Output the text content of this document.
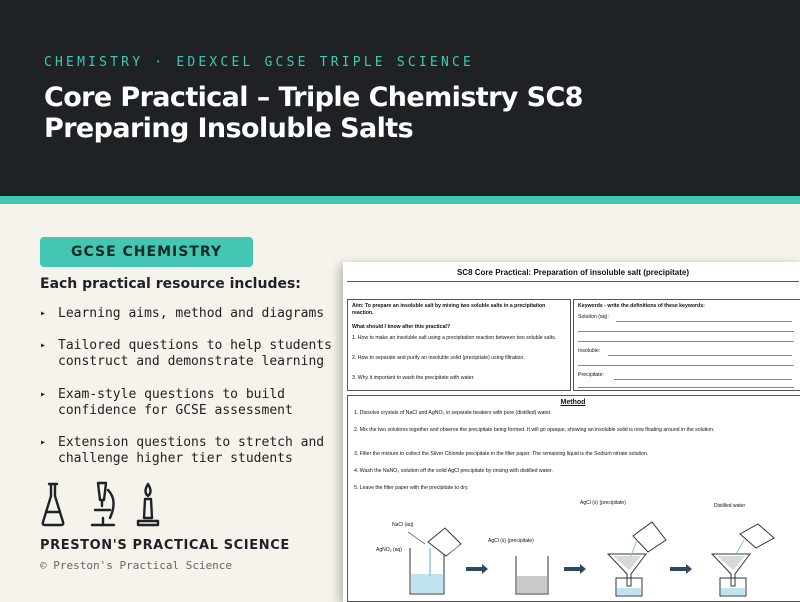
CHEMISTRY · EDEXCEL GCSE TRIPLE SCIENCE
Core Practical – Triple Chemistry SC8
Preparing Insoluble Salts
GCSE CHEMISTRY
Each practical resource includes:
▸ Learning aims, method and diagrams
▸ Tailored questions to help students construct and demonstrate learning
▸ Exam-style questions to build confidence for GCSE assessment
▸ Extension questions to stretch and challenge higher tier students
PRESTON'S PRACTICAL SCIENCE
© Preston's Practical Science
SC8 Core Practical: Preparation of insoluble salt (precipitate)
Aim: To prepare an insoluble salt by mixing two soluble salts in a precipitation reaction.
What should I know after this practical?
1. How to make an insoluble salt using a precipitation reaction between two soluble salts.
2. How to separate and purify an insoluble solid (precipitate) using filtration.
3. Why it important to wash the precipitate with water.
Keywords - write the definitions of these keywords:
Solution (aq):
Insoluble:
Precipitate:
Method
1. Dissolve crystals of NaCl and AgNO₃ in separate beakers with pure (distilled) water.
2. Mix the two solutions together and observe the precipitate being formed. It will go opaque, showing an insoluble solid is now floating around in the solution.
3. Filter the mixture to collect the Silver Chloride precipitate in the filter paper. The remaining liquid is the Sodium nitrate solution.
4. Wash the NaNO₃ solution off the solid AgCl precipitate by rinsing with distilled water.
5. Leave the filter paper with the precipitate to dry.
NaCl (aq)
AgNO₃ (aq)
AgCl (s) (precipitate)
AgCl (s) (precipitate)	Distilled water
